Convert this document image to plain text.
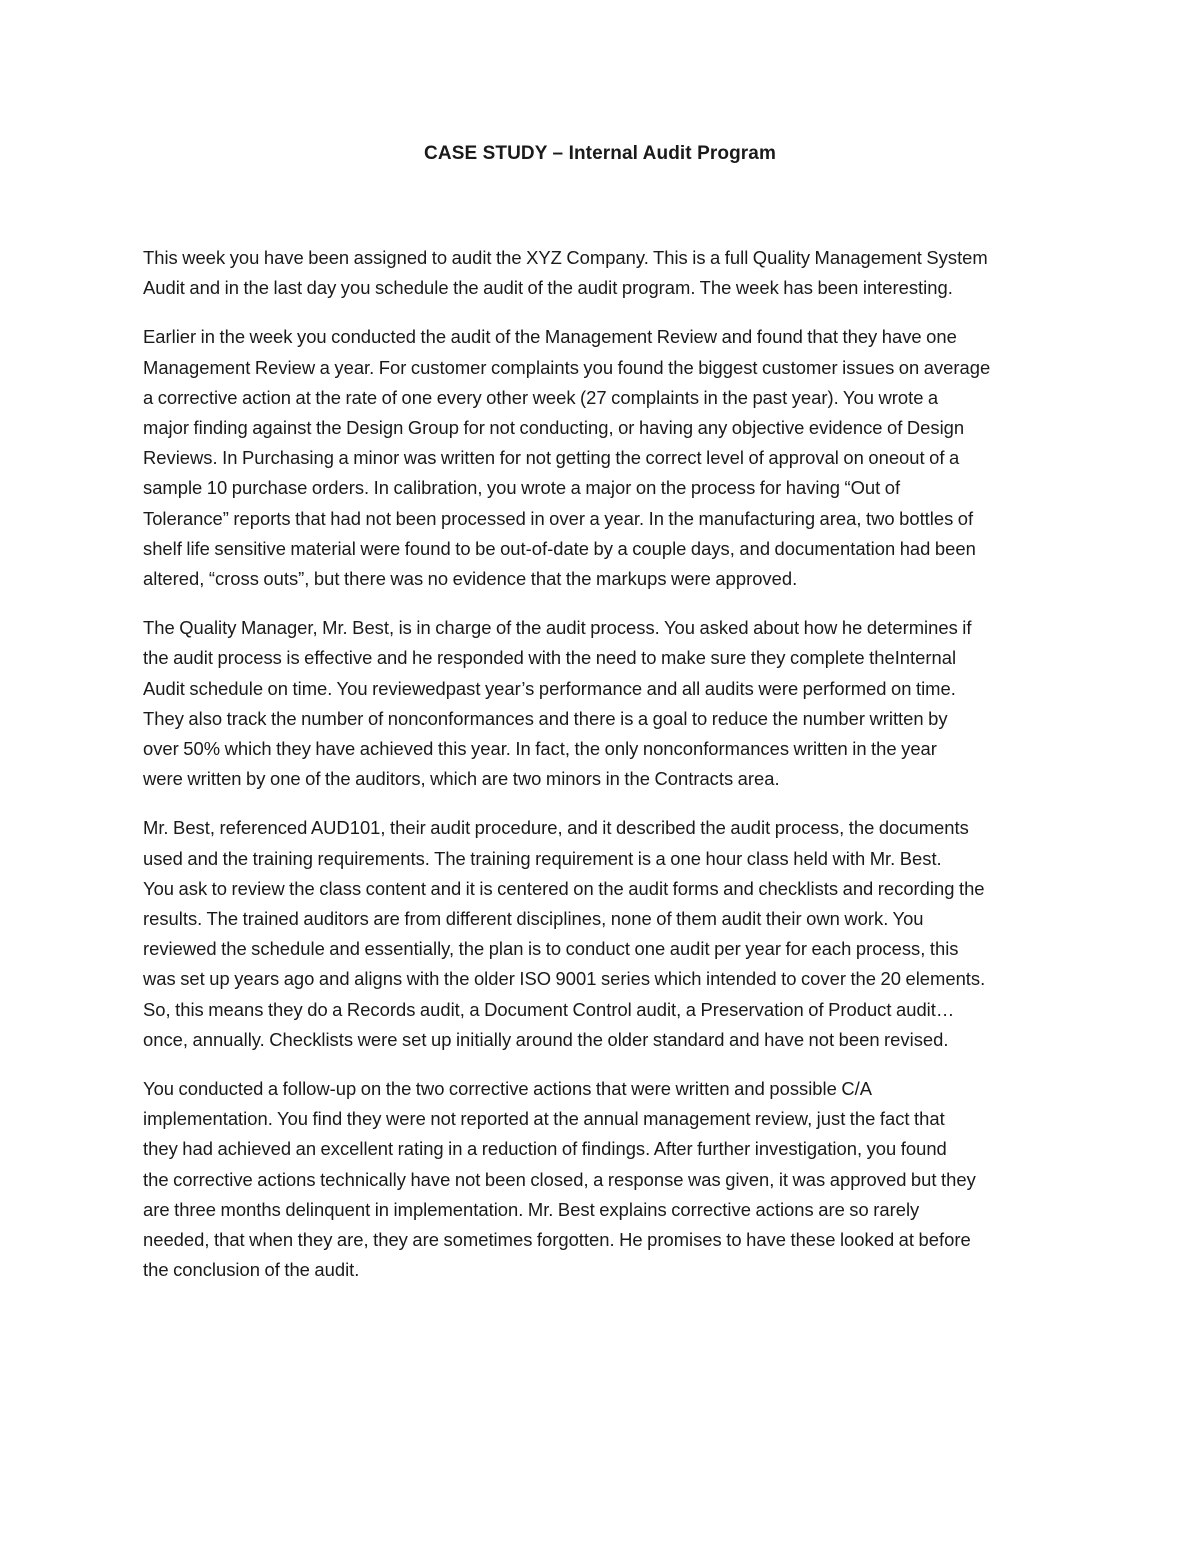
CASE STUDY – Internal Audit Program

This week you have been assigned to audit the XYZ Company. This is a full Quality Management System
Audit and in the last day you schedule the audit of the audit program. The week has been interesting.

Earlier in the week you conducted the audit of the Management Review and found that they have one
Management Review a year. For customer complaints you found the biggest customer issues on average
a corrective action at the rate of one every other week (27 complaints in the past year). You wrote a
major finding against the Design Group for not conducting, or having any objective evidence of Design
Reviews. In Purchasing a minor was written for not getting the correct level of approval on oneout of a
sample 10 purchase orders. In calibration, you wrote a major on the process for having “Out of
Tolerance” reports that had not been processed in over a year. In the manufacturing area, two bottles of
shelf life sensitive material were found to be out-of-date by a couple days, and documentation had been
altered, “cross outs”, but there was no evidence that the markups were approved.

The Quality Manager, Mr. Best, is in charge of the audit process. You asked about how he determines if
the audit process is effective and he responded with the need to make sure they complete theInternal
Audit schedule on time. You reviewedpast year’s performance and all audits were performed on time.
They also track the number of nonconformances and there is a goal to reduce the number written by
over 50% which they have achieved this year. In fact, the only nonconformances written in the year
were written by one of the auditors, which are two minors in the Contracts area.

Mr. Best, referenced AUD101, their audit procedure, and it described the audit process, the documents
used and the training requirements. The training requirement is a one hour class held with Mr. Best.
You ask to review the class content and it is centered on the audit forms and checklists and recording the
results. The trained auditors are from different disciplines, none of them audit their own work. You
reviewed the schedule and essentially, the plan is to conduct one audit per year for each process, this
was set up years ago and aligns with the older ISO 9001 series which intended to cover the 20 elements.
So, this means they do a Records audit, a Document Control audit, a Preservation of Product audit…
once, annually. Checklists were set up initially around the older standard and have not been revised.

You conducted a follow-up on the two corrective actions that were written and possible C/A
implementation. You find they were not reported at the annual management review, just the fact that
they had achieved an excellent rating in a reduction of findings. After further investigation, you found
the corrective actions technically have not been closed, a response was given, it was approved but they
are three months delinquent in implementation. Mr. Best explains corrective actions are so rarely
needed, that when they are, they are sometimes forgotten. He promises to have these looked at before
the conclusion of the audit.
